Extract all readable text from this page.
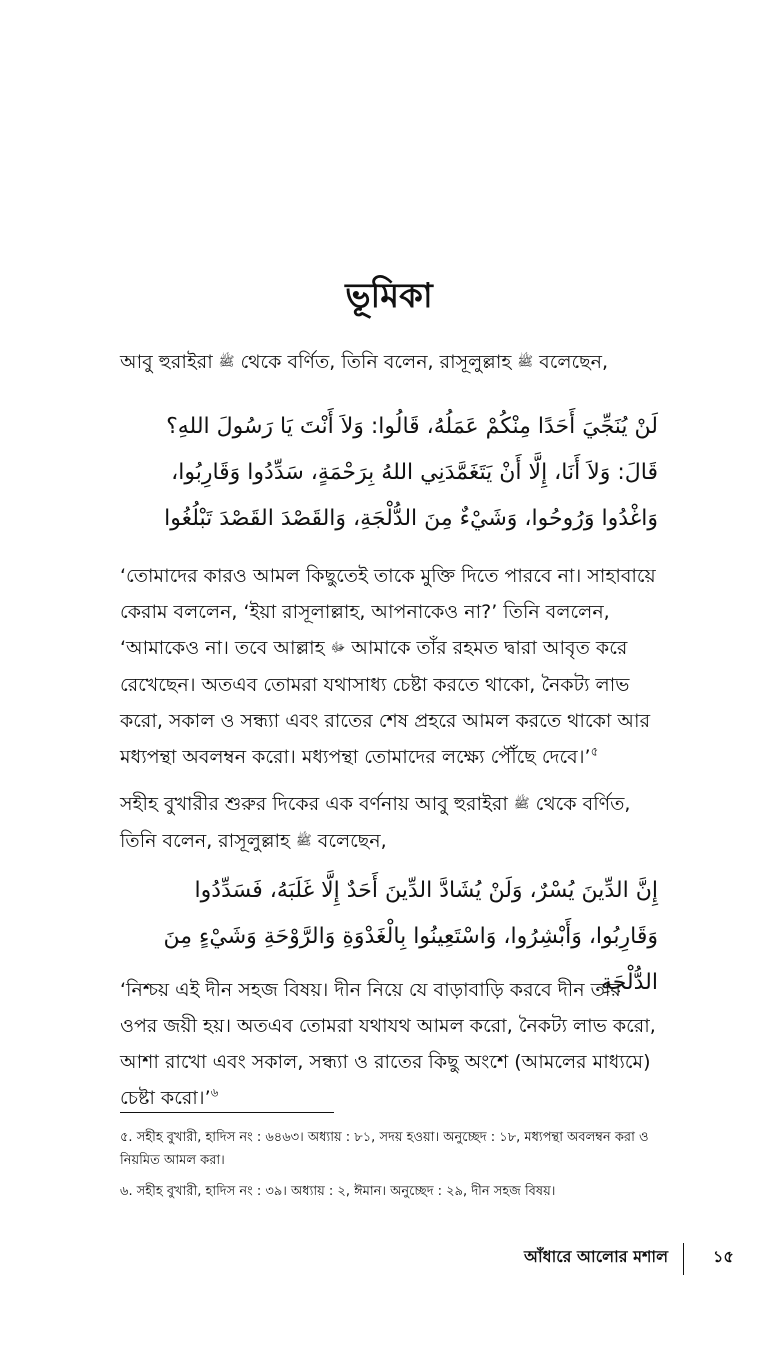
ভূমিকা

আবু হুরাইরা ﷺ থেকে বর্ণিত, তিনি বলেন, রাসূলুল্লাহ ﷺ বলেছেন,

لَنْ يُنَجِّيَ أَحَدًا مِنْكُمْ عَمَلُهُ، قَالُوا: وَلاَ أَنْتَ يَا رَسُولَ اللهِ؟ قَالَ: وَلاَ أَنَا، إِلَّا أَنْ يَتَغَمَّدَنِي اللهُ بِرَحْمَةٍ، سَدِّدُوا وَقَارِبُوا، وَاغْدُوا وَرُوحُوا، وَشَيْءٌ مِنَ الدُّلْجَةِ، وَالقَصْدَ القَصْدَ تَبْلُغُوا

‘তোমাদের কারও আমল কিছুতেই তাকে মুক্তি দিতে পারবে না। সাহাবায়ে কেরাম বললেন, ‘ইয়া রাসূলাল্লাহ, আপনাকেও না?’ তিনি বললেন, ‘আমাকেও না। তবে আল্লাহ ﷻ আমাকে তাঁর রহমত দ্বারা আবৃত করে রেখেছেন। অতএব তোমরা যথাসাধ্য চেষ্টা করতে থাকো, নৈকট্য লাভ করো, সকাল ও সন্ধ্যা এবং রাতের শেষ প্রহরে আমল করতে থাকো আর মধ্যপন্থা অবলম্বন করো। মধ্যপন্থা তোমাদের লক্ষ্যে পৌঁছে দেবে।’$^৫$

সহীহ বুখারীর শুরুর দিকের এক বর্ণনায় আবু হুরাইরা ﷺ থেকে বর্ণিত, তিনি বলেন, রাসূলুল্লাহ ﷺ বলেছেন,

إِنَّ الدِّينَ يُسْرٌ، وَلَنْ يُشَادَّ الدِّينَ أَحَدٌ إِلَّا غَلَبَهُ، فَسَدِّدُوا وَقَارِبُوا، وَأَبْشِرُوا، وَاسْتَعِينُوا بِالْغَدْوَةِ وَالرَّوْحَةِ وَشَيْءٍ مِنَ الدُّلْجَةِ

‘নিশ্চয় এই দীন সহজ বিষয়। দীন নিয়ে যে বাড়াবাড়ি করবে দীন তার ওপর জয়ী হয়। অতএব তোমরা যথাযথ আমল করো, নৈকট্য লাভ করো, আশা রাখো এবং সকাল, সন্ধ্যা ও রাতের কিছু অংশে (আমলের মাধ্যমে) চেষ্টা করো।’$^৬$

৫. সহীহ বুখারী, হাদিস নং : ৬৪৬৩। অধ্যায় : ৮১, সদয় হওয়া। অনুচ্ছেদ : ১৮, মধ্যপন্থা অবলম্বন করা ও নিয়মিত আমল করা।

৬. সহীহ বুখারী, হাদিস নং : ৩৯। অধ্যায় : ২, ঈমান। অনুচ্ছেদ : ২৯, দীন সহজ বিষয়।

আঁধারে আলোর মশাল	১৫
